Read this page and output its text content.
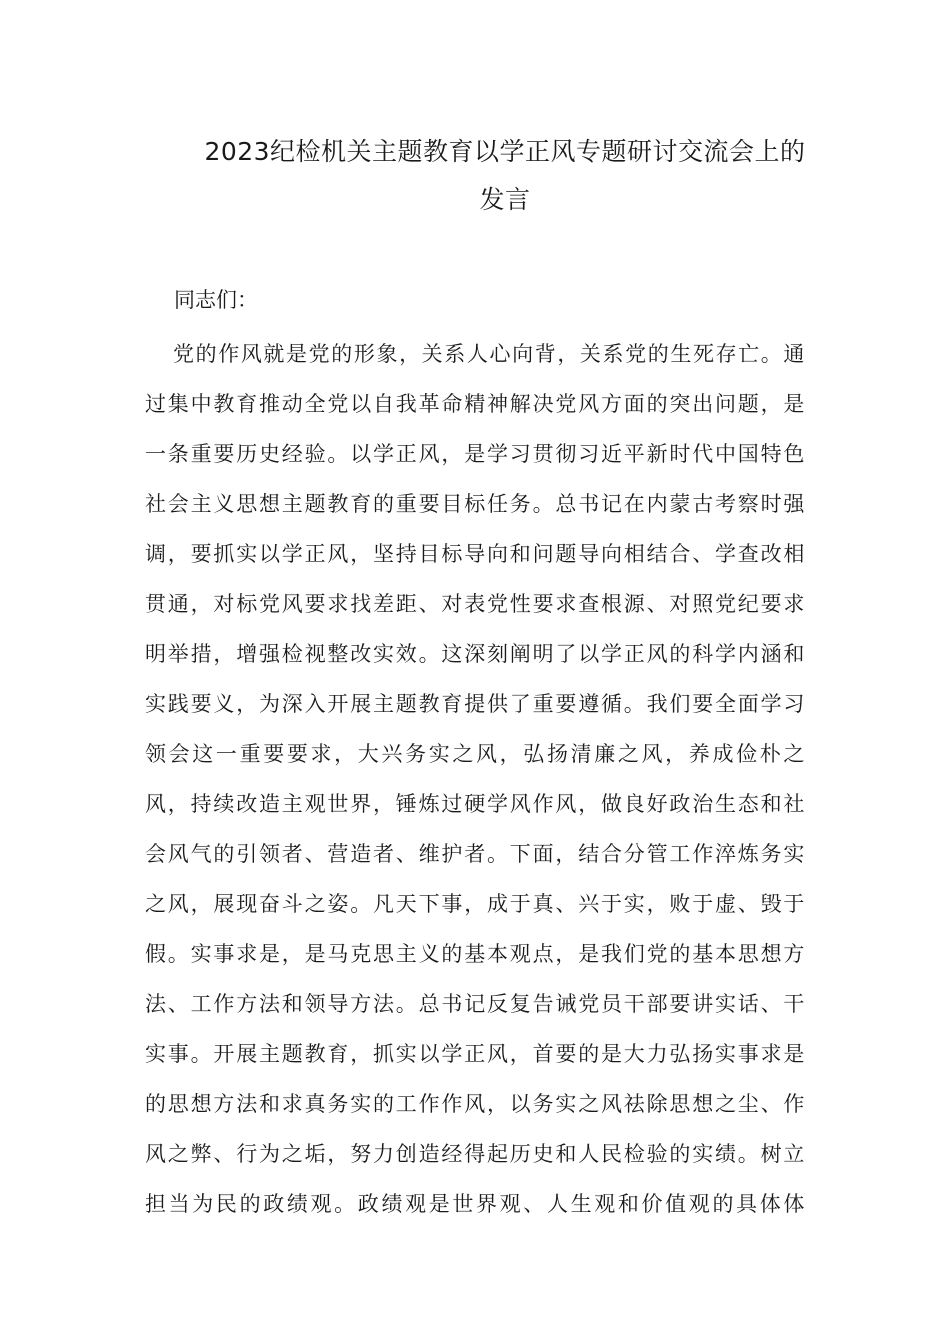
2023纪检机关主题教育以学正风专题研讨交流会上的
发言

同志们：

党的作风就是党的形象，关系人心向背，关系党的生死存亡。通
过集中教育推动全党以自我革命精神解决党风方面的突出问题，是
一条重要历史经验。以学正风，是学习贯彻习近平新时代中国特色
社会主义思想主题教育的重要目标任务。总书记在内蒙古考察时强
调，要抓实以学正风，坚持目标导向和问题导向相结合、学查改相
贯通，对标党风要求找差距、对表党性要求查根源、对照党纪要求
明举措，增强检视整改实效。这深刻阐明了以学正风的科学内涵和
实践要义，为深入开展主题教育提供了重要遵循。我们要全面学习
领会这一重要要求，大兴务实之风，弘扬清廉之风，养成俭朴之
风，持续改造主观世界，锤炼过硬学风作风，做良好政治生态和社
会风气的引领者、营造者、维护者。下面，结合分管工作淬炼务实
之风，展现奋斗之姿。凡天下事，成于真、兴于实，败于虚、毁于
假。实事求是，是马克思主义的基本观点，是我们党的基本思想方
法、工作方法和领导方法。总书记反复告诫党员干部要讲实话、干
实事。开展主题教育，抓实以学正风，首要的是大力弘扬实事求是
的思想方法和求真务实的工作作风，以务实之风祛除思想之尘、作
风之弊、行为之垢，努力创造经得起历史和人民检验的实绩。树立
担当为民的政绩观。政绩观是世界观、人生观和价值观的具体体
